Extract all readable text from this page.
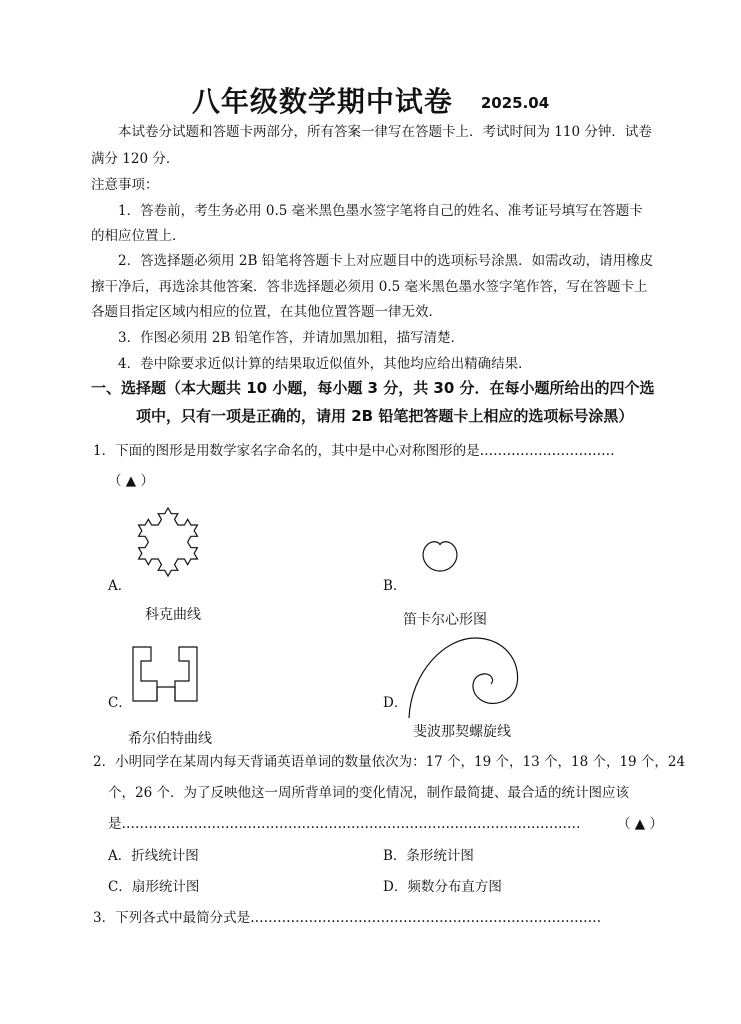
八年级数学期中试卷 2025.04
本试卷分试题和答题卡两部分，所有答案一律写在答题卡上．考试时间为 110 分钟．试卷
满分 120 分．
注意事项：
1．答卷前，考生务必用 0.5 毫米黑色墨水签字笔将自己的姓名、准考证号填写在答题卡
的相应位置上．
2．答选择题必须用 2B 铅笔将答题卡上对应题目中的选项标号涂黑．如需改动，请用橡皮
擦干净后，再选涂其他答案．答非选择题必须用 0.5 毫米黑色墨水签字笔作答，写在答题卡上
各题目指定区域内相应的位置，在其他位置答题一律无效．
3．作图必须用 2B 铅笔作答，并请加黑加粗，描写清楚．
4．卷中除要求近似计算的结果取近似值外，其他均应给出精确结果．
一、选择题（本大题共 10 小题，每小题 3 分，共 30 分．在每小题所给出的四个选
项中，只有一项是正确的，请用 2B 铅笔把答题卡上相应的选项标号涂黑）
1．下面的图形是用数学家名字命名的，其中是中心对称图形的是…………………………
（ ▲ ）
A．
科克曲线
B．
笛卡尔心形图
C．
希尔伯特曲线
D．
斐波那契螺旋线
2．小明同学在某周内每天背诵英语单词的数量依次为：17 个，19 个，13 个，18 个，19 个，24
个，26 个．为了反映他这一周所背单词的变化情况，制作最简捷、最合适的统计图应该
是…………………………………………………………………………………………	（ ▲ ）
A．折线统计图	B．条形统计图
C．扇形统计图	D．频数分布直方图
3．下列各式中最简分式是……………………………………………………………………
